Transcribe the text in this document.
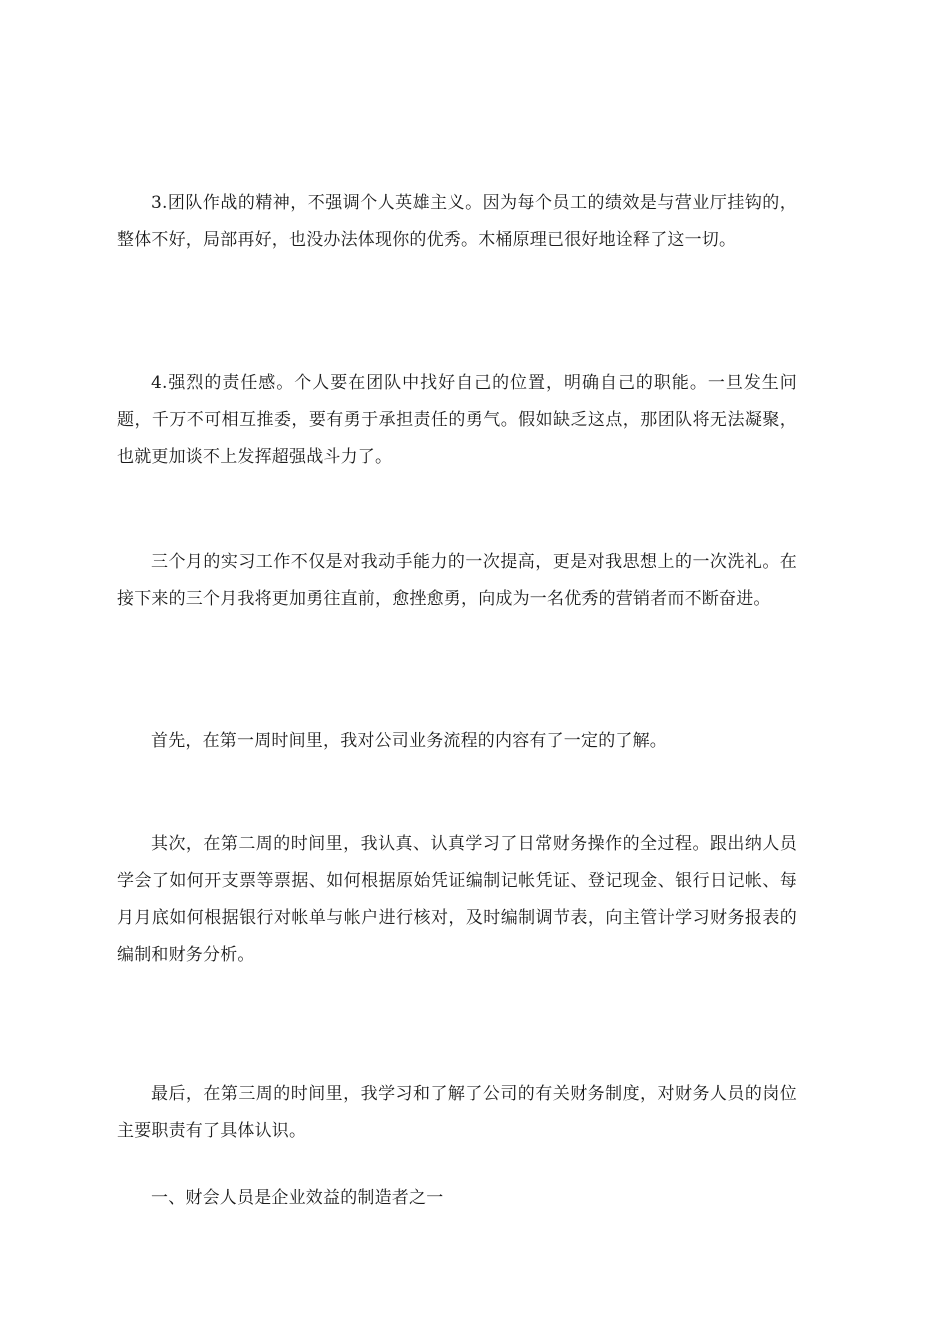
3.团队作战的精神，不强调个人英雄主义。因为每个员工的绩效是与营业厅挂钩的，整体不好，局部再好，也没办法体现你的优秀。木桶原理已很好地诠释了这一切。

4.强烈的责任感。个人要在团队中找好自己的位置，明确自己的职能。一旦发生问题，千万不可相互推委，要有勇于承担责任的勇气。假如缺乏这点，那团队将无法凝聚，也就更加谈不上发挥超强战斗力了。

三个月的实习工作不仅是对我动手能力的一次提高，更是对我思想上的一次洗礼。在接下来的三个月我将更加勇往直前，愈挫愈勇，向成为一名优秀的营销者而不断奋进。

首先，在第一周时间里，我对公司业务流程的内容有了一定的了解。

其次，在第二周的时间里，我认真、认真学习了日常财务操作的全过程。跟出纳人员学会了如何开支票等票据、如何根据原始凭证编制记帐凭证、登记现金、银行日记帐、每月月底如何根据银行对帐单与帐户进行核对，及时编制调节表，向主管计学习财务报表的编制和财务分析。

最后，在第三周的时间里，我学习和了解了公司的有关财务制度，对财务人员的岗位主要职责有了具体认识。

一、财会人员是企业效益的制造者之一
